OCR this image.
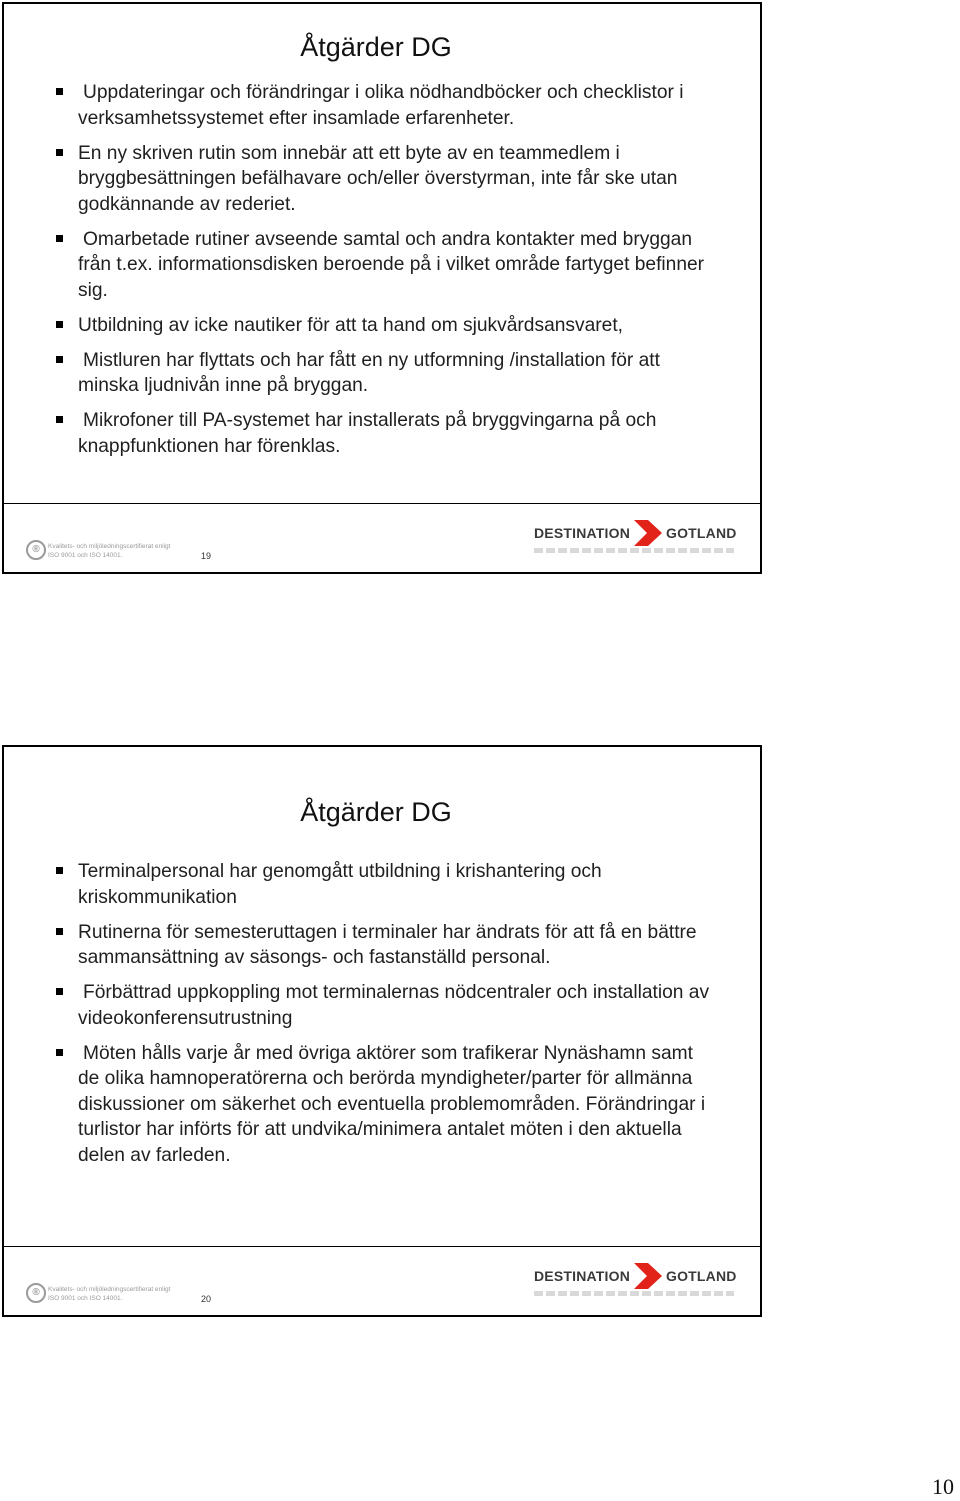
Åtgärder DG
Uppdateringar och förändringar i olika nödhandböcker och checklistor i verksamhetssystemet efter insamlade erfarenheter.
En ny skriven rutin som innebär att ett byte av en teammedlem i bryggbesättningen befälhavare och/eller överstyrman, inte får ske utan godkännande av rederiet.
Omarbetade rutiner avseende samtal och andra kontakter med bryggan från t.ex. informationsdisken beroende på i vilket område fartyget befinner sig.
Utbildning av icke nautiker för att ta hand om sjukvårdsansvaret,
Mistluren har flyttats och har fått en ny utformning /installation för att minska ljudnivån inne på bryggan.
Mikrofoner till PA-systemet har installerats på bryggvingarna på och knappfunktionen har förenklas.
®	Kvalitets- och miljöledningscertifierat enligt
ISO 9001 och ISO 14001.	19
DESTINATION	GOTLAND
Åtgärder DG
Terminalpersonal har genomgått utbildning i krishantering och kriskommunikation
Rutinerna för semesteruttagen i terminaler har ändrats för att få en bättre sammansättning av säsongs- och fastanställd personal.
Förbättrad uppkoppling mot terminalernas nödcentraler och installation av videokonferensutrustning
Möten hålls varje år med övriga aktörer som trafikerar Nynäshamn samt de olika hamnoperatörerna och berörda myndigheter/parter för allmänna diskussioner om säkerhet och eventuella problemområden. Förändringar i turlistor har införts för att undvika/minimera antalet möten i den aktuella delen av farleden.
®	Kvalitets- och miljöledningscertifierat enligt
ISO 9001 och ISO 14001.	20
DESTINATION	GOTLAND
10
